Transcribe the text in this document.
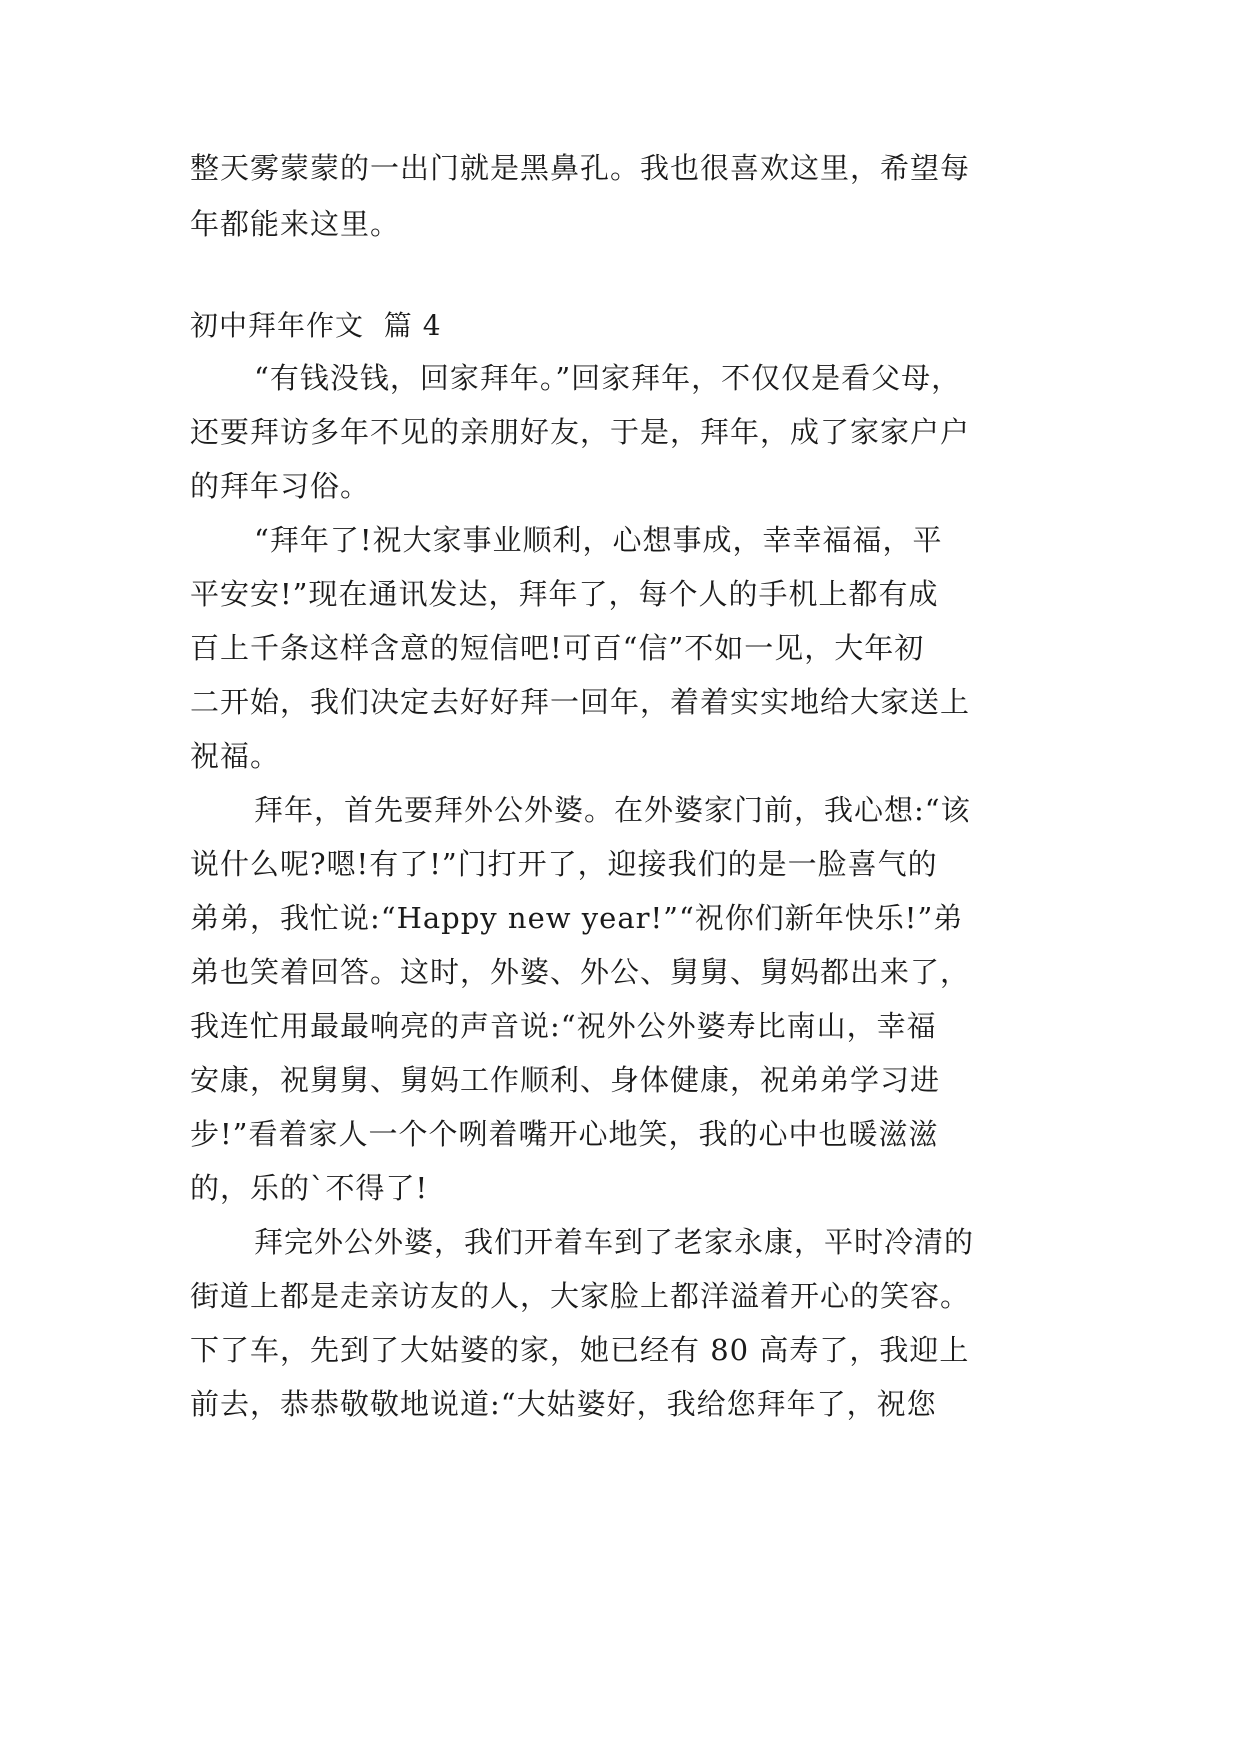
整天雾蒙蒙的一出门就是黑鼻孔。我也很喜欢这里，希望每
年都能来这里。
初中拜年作文  篇 4
“有钱没钱，回家拜年。”回家拜年，不仅仅是看父母，
还要拜访多年不见的亲朋好友，于是，拜年，成了家家户户
的拜年习俗。
“拜年了!祝大家事业顺利，心想事成，幸幸福福，平
平安安!”现在通讯发达，拜年了，每个人的手机上都有成
百上千条这样含意的短信吧!可百“信”不如一见，大年初
二开始，我们决定去好好拜一回年，着着实实地给大家送上
祝福。
拜年，首先要拜外公外婆。在外婆家门前，我心想:“该
说什么呢?嗯!有了!”门打开了，迎接我们的是一脸喜气的
弟弟，我忙说:“Happy new year!”“祝你们新年快乐!”弟
弟也笑着回答。这时，外婆、外公、舅舅、舅妈都出来了，
我连忙用最最响亮的声音说:“祝外公外婆寿比南山，幸福
安康，祝舅舅、舅妈工作顺利、身体健康，祝弟弟学习进
步!”看着家人一个个咧着嘴开心地笑，我的心中也暖滋滋
的，乐的`不得了!
拜完外公外婆，我们开着车到了老家永康，平时冷清的
街道上都是走亲访友的人，大家脸上都洋溢着开心的笑容。
下了车，先到了大姑婆的家，她已经有 80 高寿了，我迎上
前去，恭恭敬敬地说道:“大姑婆好，我给您拜年了，祝您
